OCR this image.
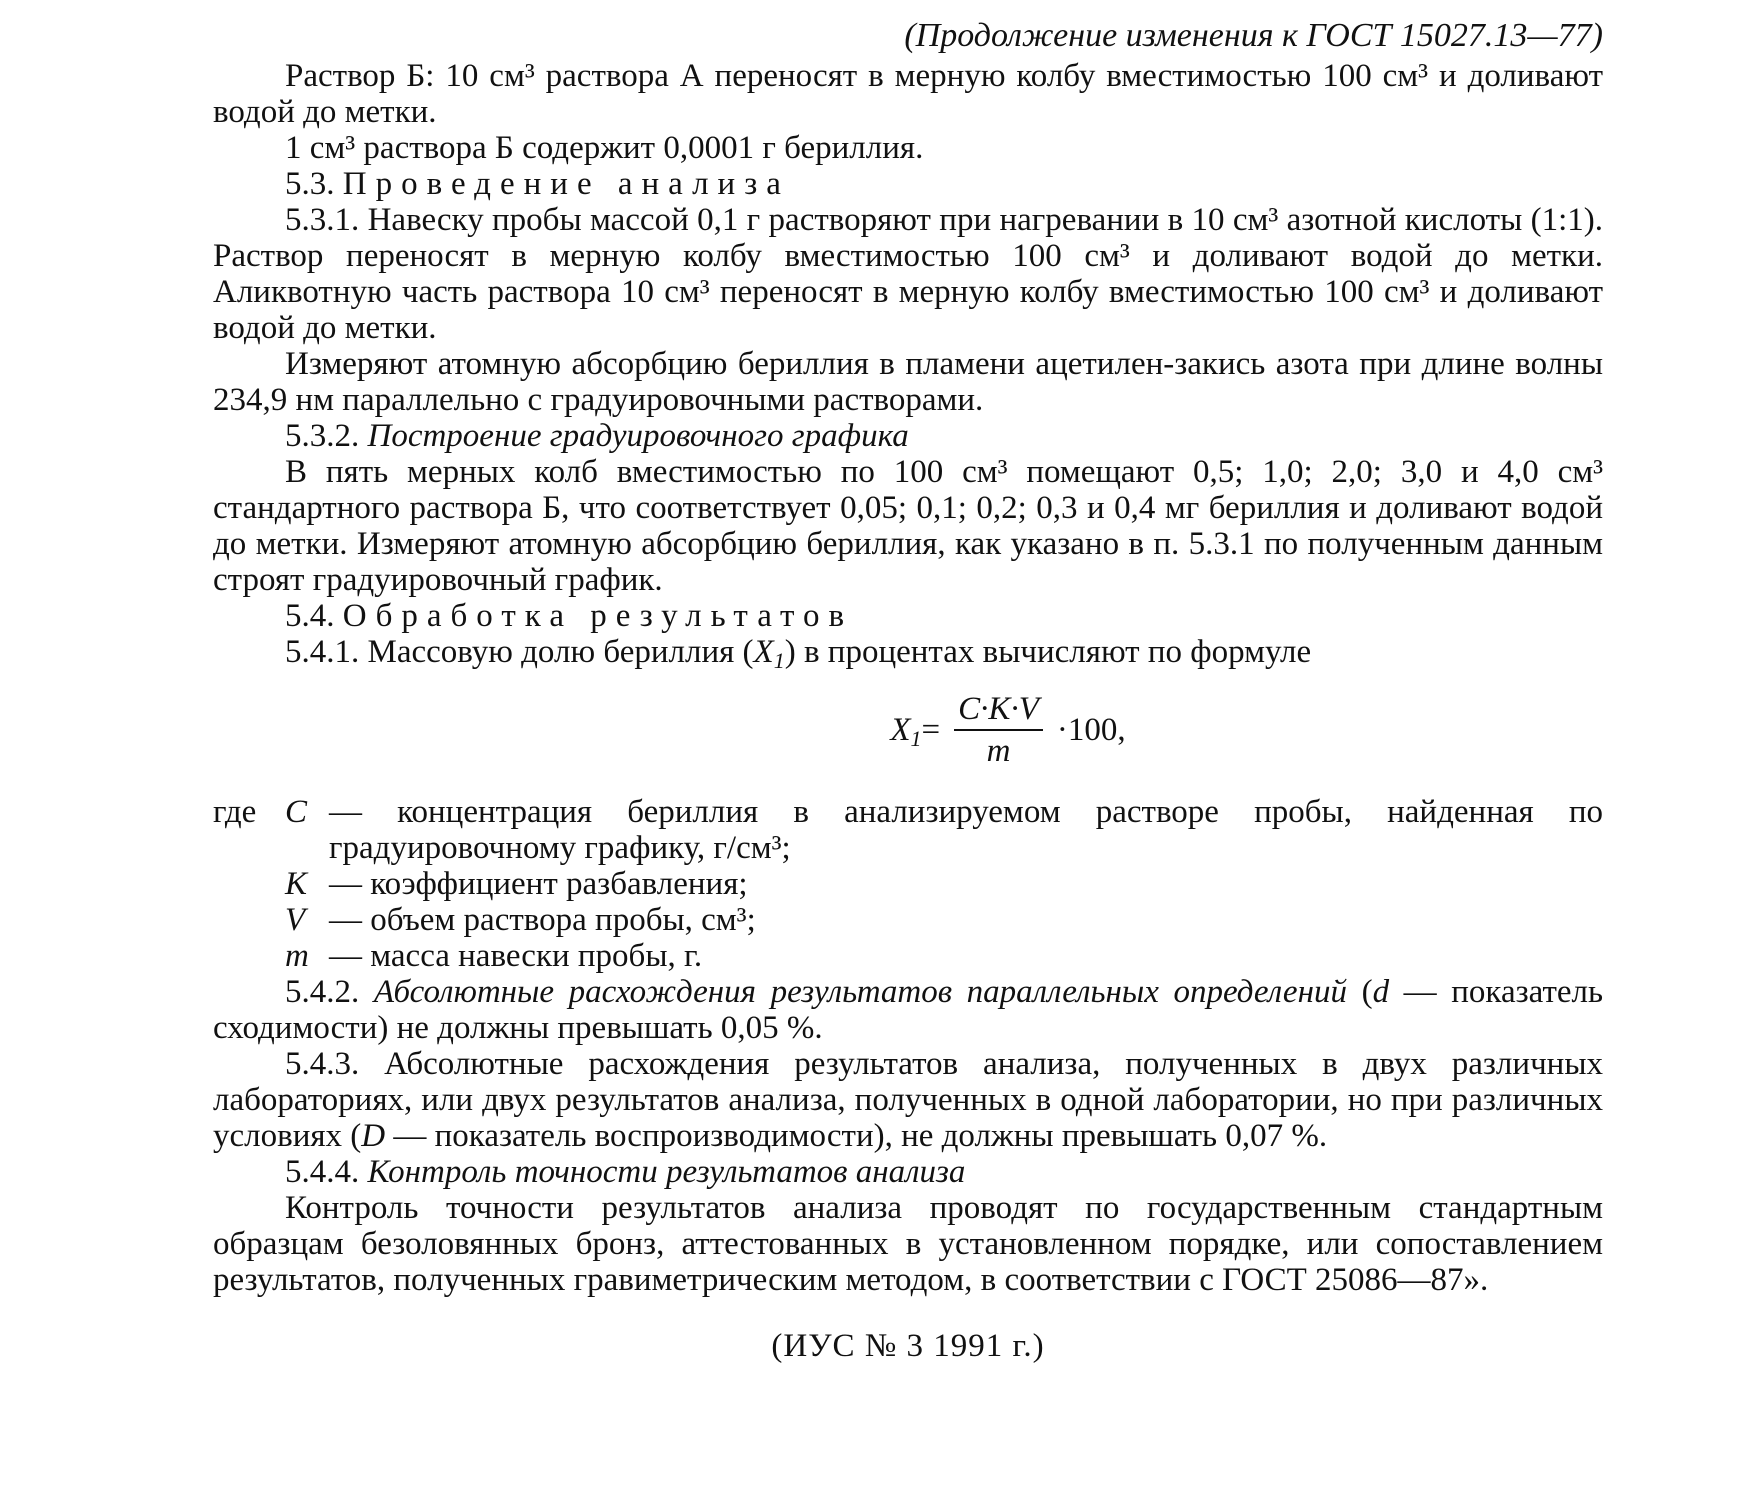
(Продолжение изменения к ГОСТ 15027.13—77)

Раствор Б: 10 см³ раствора А переносят в мерную колбу вместимостью 100 см³ и доливают водой до метки.

1 см³ раствора Б содержит 0,0001 г бериллия.

5.3. Проведение анализа

5.3.1. Навеску пробы массой 0,1 г растворяют при нагревании в 10 см³ азотной кислоты (1:1). Раствор переносят в мерную колбу вместимостью 100 см³ и доливают водой до метки. Аликвотную часть раствора 10 см³ переносят в мерную колбу вместимостью 100 см³ и доливают водой до метки.

Измеряют атомную абсорбцию бериллия в пламени ацетилен-закись азота при длине волны 234,9 нм параллельно с градуировочными растворами.

5.3.2. Построение градуировочного графика

В пять мерных колб вместимостью по 100 см³ помещают 0,5; 1,0; 2,0; 3,0 и 4,0 см³ стандартного раствора Б, что соответствует 0,05; 0,1; 0,2; 0,3 и 0,4 мг бериллия и доливают водой до метки. Измеряют атомную абсорбцию бериллия, как указано в п. 5.3.1 по полученным данным строят градуировочный график.

5.4. Обработка результатов

5.4.1. Массовую долю бериллия $(X_1)$ в процентах вычисляют по формуле

$X_1 = \frac{C\cdot K\cdot V}{m} \cdot 100$,
где C — концентрация бериллия в анализируемом растворе пробы, найденная по градуировочному графику, г/см³;
K — коэффициент разбавления;
V — объем раствора пробы, см³;
m — масса навески пробы, г.

5.4.2. Абсолютные расхождения результатов параллельных определений (d — показатель сходимости) не должны превышать 0,05 %.

5.4.3. Абсолютные расхождения результатов анализа, полученных в двух различных лабораториях, или двух результатов анализа, полученных в одной лаборатории, но при различных условиях (D — показатель воспроизводимости), не должны превышать 0,07 %.

5.4.4. Контроль точности результатов анализа

Контроль точности результатов анализа проводят по государственным стандартным образцам безоловянных бронз, аттестованных в установленном порядке, или сопоставлением результатов, полученных гравиметрическим методом, в соответствии с ГОСТ 25086—87».

(ИУС № 3 1991 г.)
